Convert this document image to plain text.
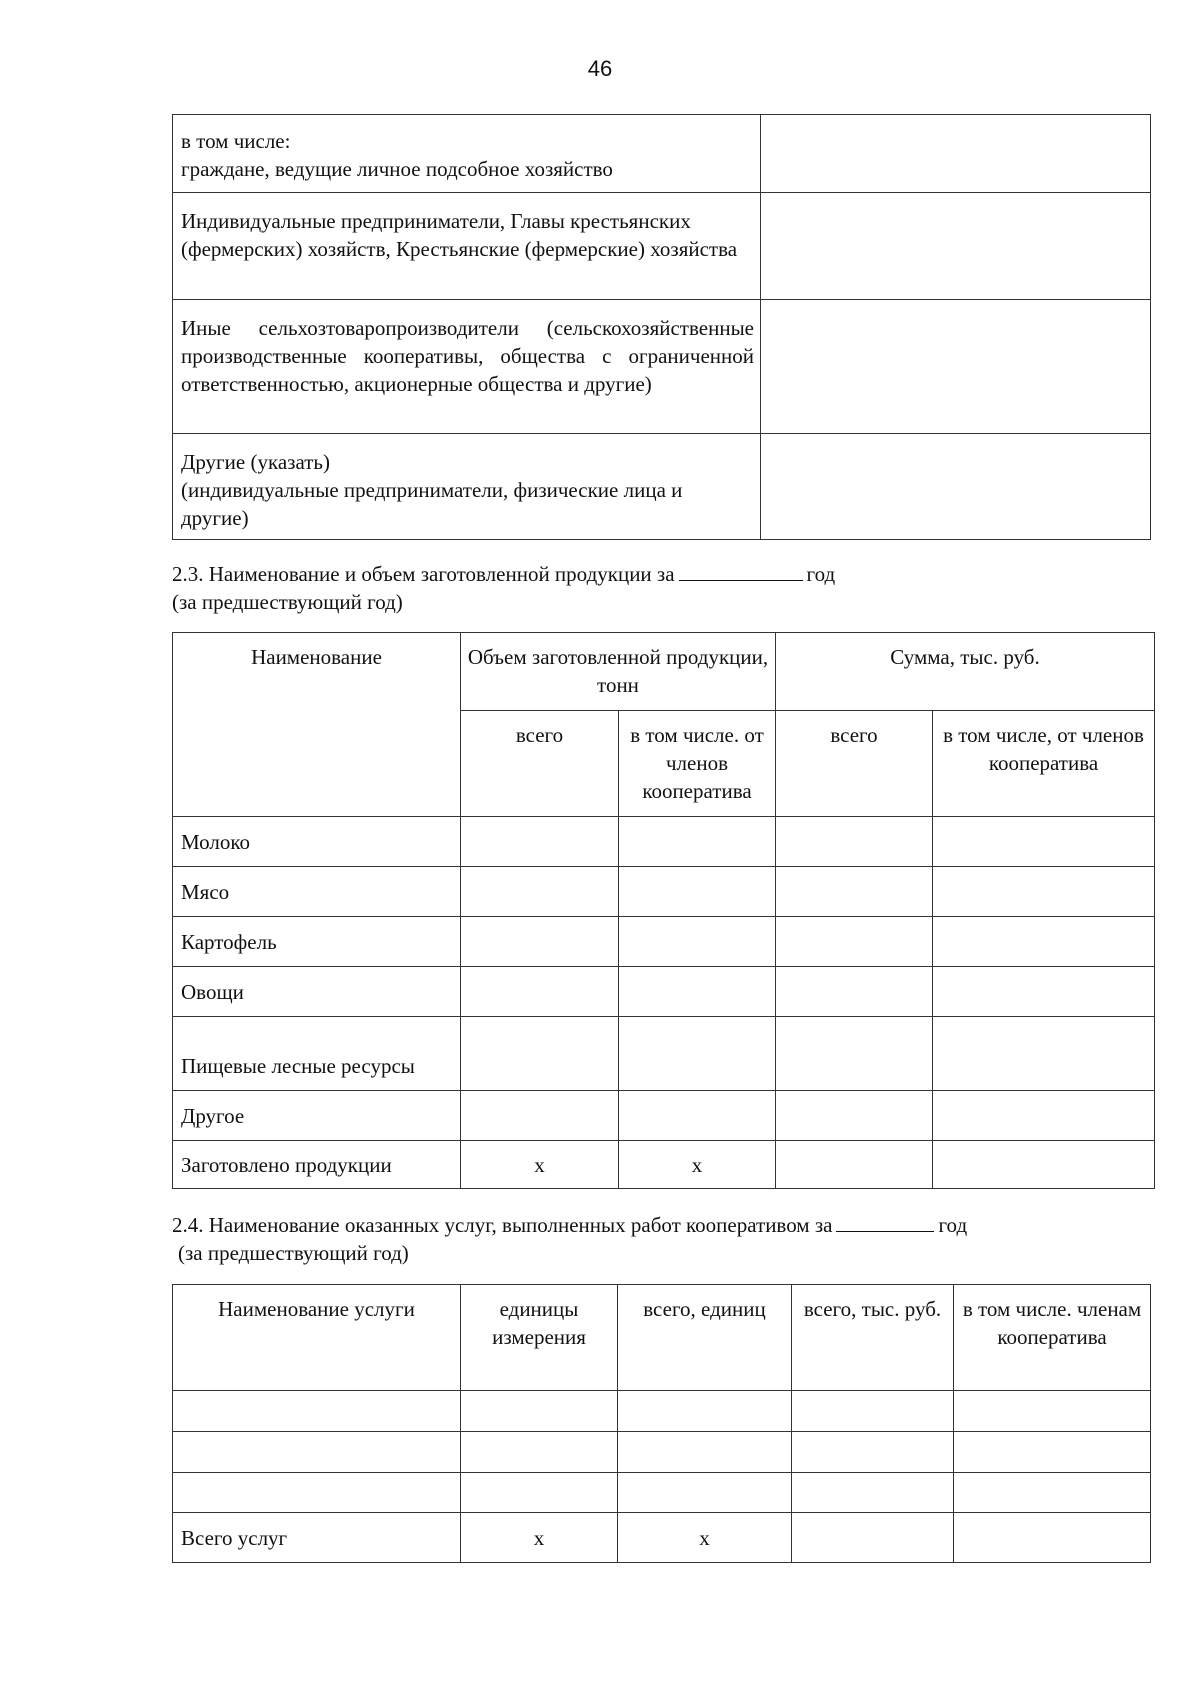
46
в том числе:
граждане, ведущие личное подсобное хозяйство	

Индивидуальные предприниматели, Главы крестьянских (фермерских) хозяйств, Крестьянские (фермерские) хозяйства	

Иные сельхозтоваропроизводители (сельскохозяйственные производственные кооперативы, общества с ограниченной ответственностью, акционерные общества и другие)	

Другие (указать)
(индивидуальные предприниматели, физические лица и другие)	

2.3. Наименование и объем заготовленной продукции за	год
(за предшествующий год)
Наименование	Объем заготовленной продукции, тонн		Сумма, тыс. руб.	
	всего	в том числе. от членов кооператива	всего	в том числе, от членов кооператива
Молоко				
Мясо				
Картофель				
Овощи				
Пищевые лесные ресурсы				
Другое				
Заготовлено продукции	х	х		
2.4. Наименование оказанных услуг, выполненных работ кооперативом за	год
(за предшествующий год)
Наименование услуги	единицы измерения	всего, единиц	всего, тыс. руб.	в том числе. членам кооператива

Всего услуг	х	х		
